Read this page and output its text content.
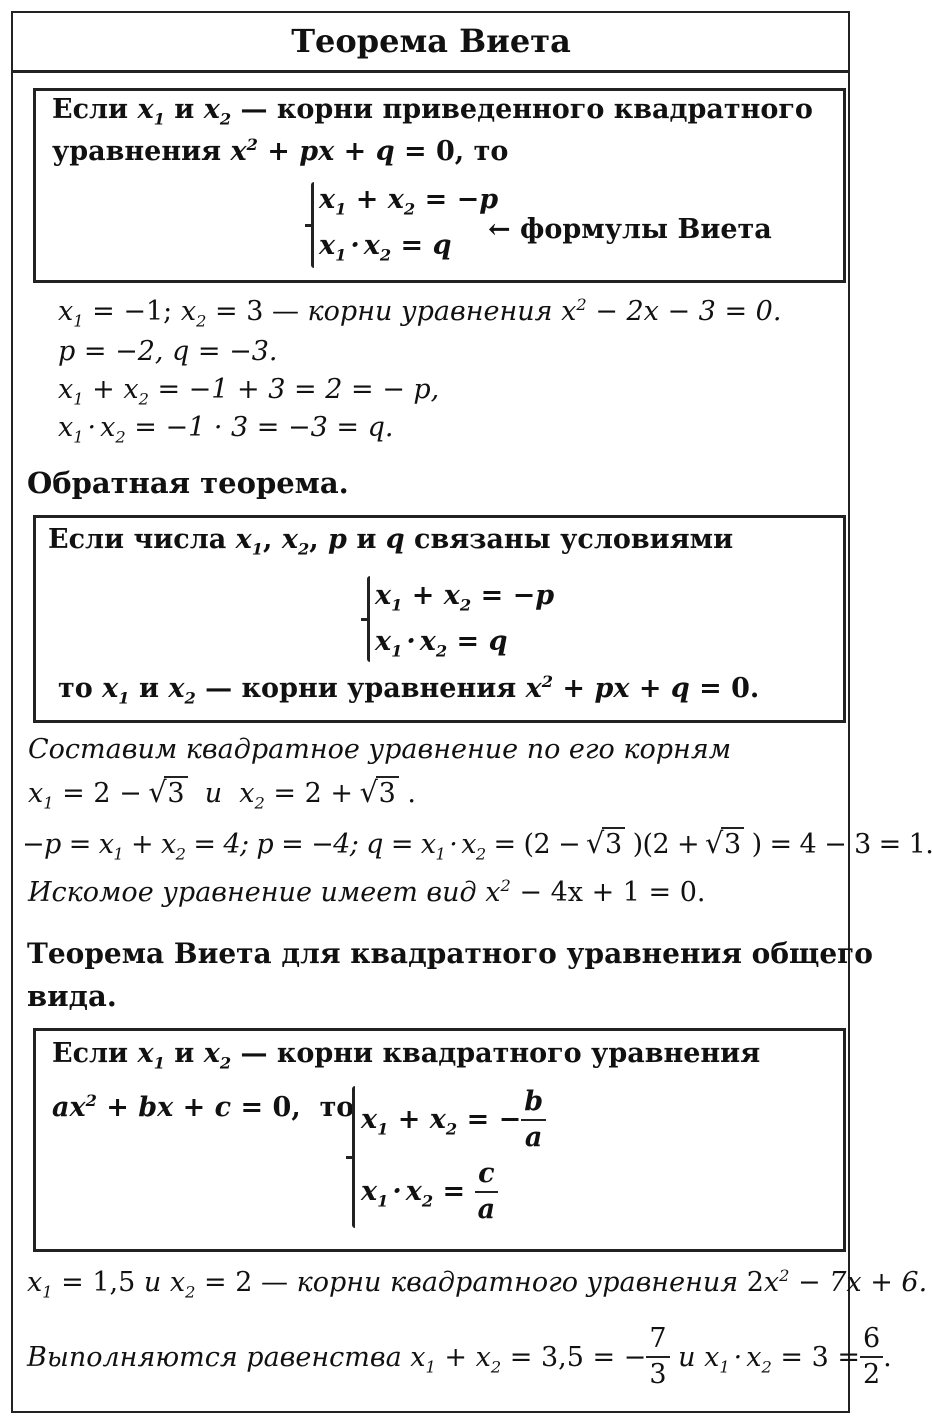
Теорема Виета
Если $x_1$ и $x_2$ — корни приведенного квадратного
уравнения $x^2$ + px + q = 0, то
$x_1 + x_2 = -p$
$x_1 \cdot x_2 = q$
← формулы Виета
$x_1 = -1$; $x_2 = 3$ — корни уравнения $x^2 - 2x - 3 = 0$.
p = −2, q = −3.
$x_1 + x_2 = -1 + 3 = 2$ = − p,
$x_1 \cdot x_2 = -1 \cdot 3 = -3 = q$.
Обратная теорема.
Если числа $x_1$, $x_2$, p и q связаны условиями
$x_1 + x_2 = -p$
$x_1 \cdot x_2 = q$
то $x_1$ и $x_2$ — корни уравнения $x^2$ + px + q = 0.
Составим квадратное уравнение по его корням
$x_1 = 2$ − √ 3 и $x_2 = 2$ + √ 3 .
$-p = x_1 + x_2 = 4$; p = −4; $q = x_1 \cdot x_2 = (2$ − √ 3 )(2 + √ 3 ) = 4 − 3 = 1.
Искомое уравнение имеет вид $x^2 - 4x + 1 = 0$.
Теорема Виета для квадратного уравнения общего
вида.
Если $x_1$ и $x_2$ — корни квадратного уравнения
$ax^2$ + bx + c = 0, то $x_1 + x_2$ = − $\frac{b}{a}$
$x_1 \cdot x_2 = \frac{c}{a}$
$x_1 = 1,5$ и $x_2 = 2$ — корни квадратного уравнения $2x^2 - 7x + 6$.
Выполняются равенства
$x_1 + x_2$
= 3,5 = − $\frac{7}{3}$
и
$x_1 \cdot x_2$
= $3 = \frac{6}{2}$ .
